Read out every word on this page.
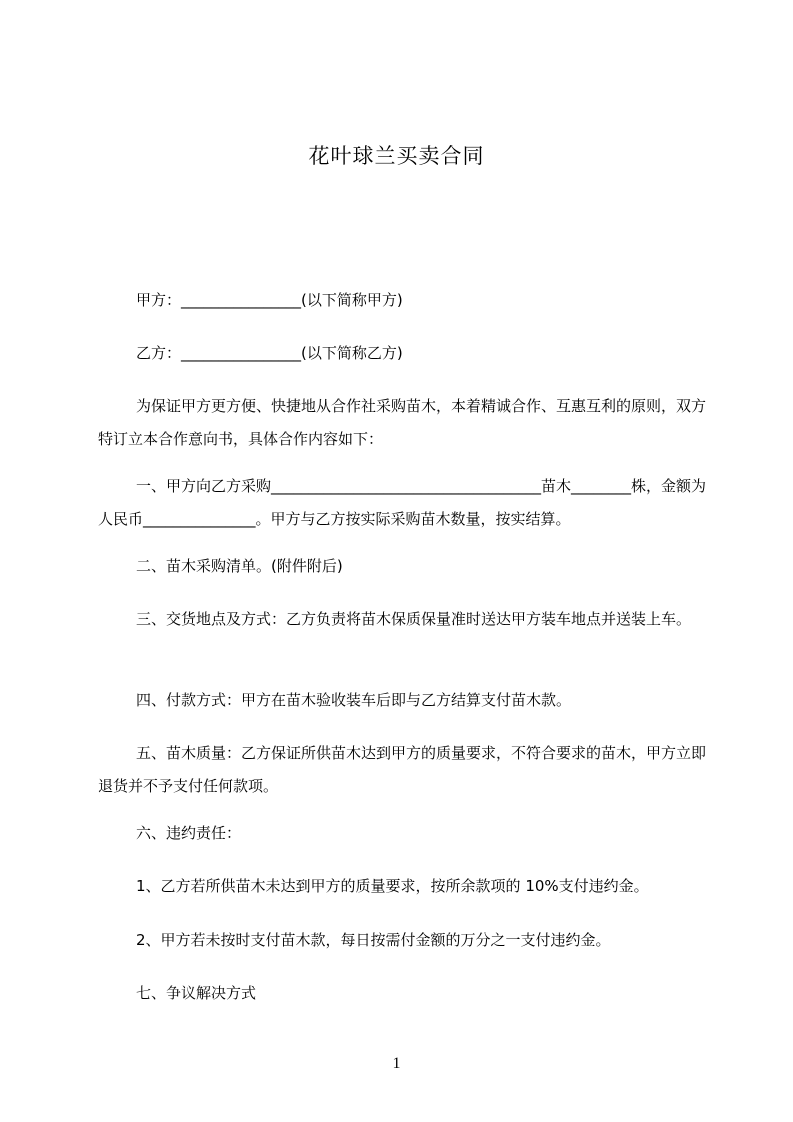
花叶球兰买卖合同
甲方：________________(以下简称甲方)
乙方：________________(以下简称乙方)
为保证甲方更方便、快捷地从合作社采购苗木，本着精诚合作、互惠互利的原则，双方特订立本合作意向书，具体合作内容如下：
一、甲方向乙方采购____________________________________苗木________株，金额为人民币_______________。甲方与乙方按实际采购苗木数量，按实结算。
二、苗木采购清单。(附件附后)
三、交货地点及方式：乙方负责将苗木保质保量准时送达甲方装车地点并送装上车。
四、付款方式：甲方在苗木验收装车后即与乙方结算支付苗木款。
五、苗木质量：乙方保证所供苗木达到甲方的质量要求，不符合要求的苗木，甲方立即退货并不予支付任何款项。
六、违约责任：
1、乙方若所供苗木未达到甲方的质量要求，按所余款项的 10%支付违约金。
2、甲方若未按时支付苗木款，每日按需付金额的万分之一支付违约金。
七、争议解决方式
1
